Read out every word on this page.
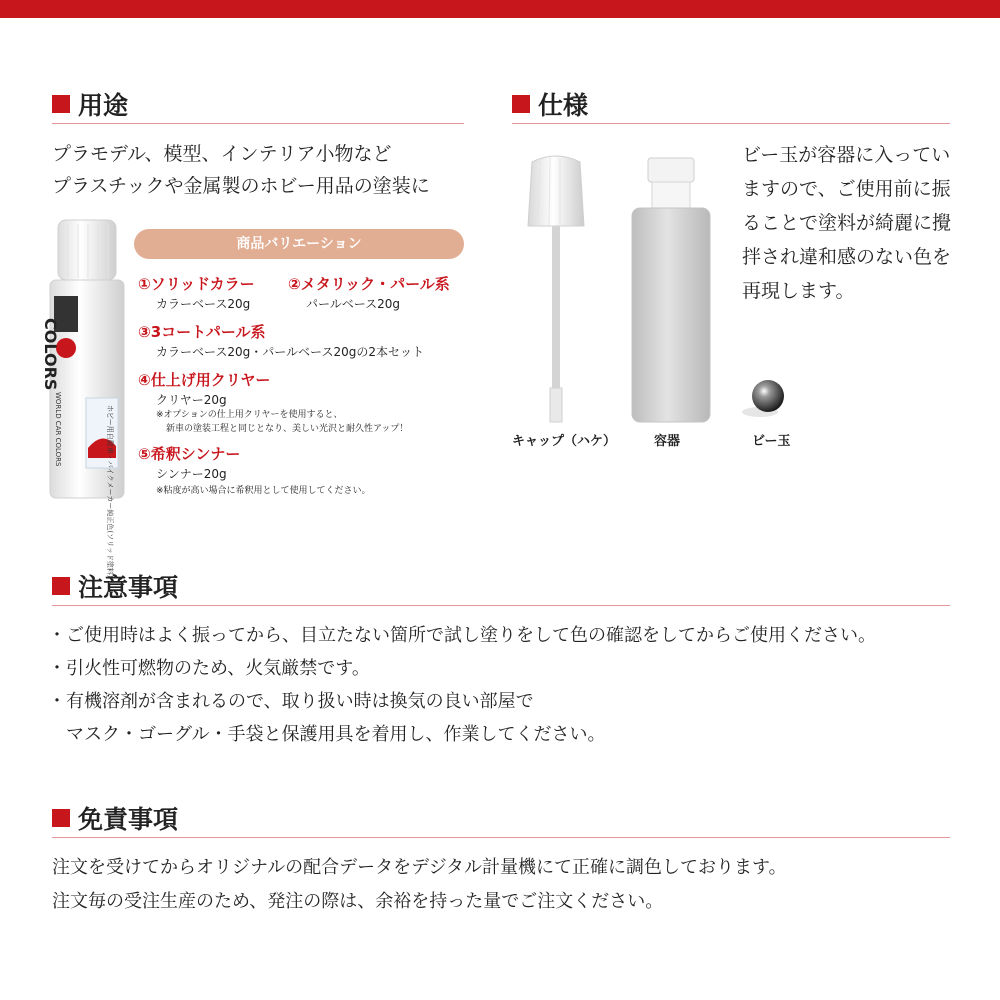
用途
プラモデル、模型、インテリア小物など
プラスチックや金属製のホビー用品の塗装に
COLORS
WORLD CAR COLORS	ホビー用自動車・バイクメーカー純正色(ソリッド塗料)
商品バリエーション
①ソリッドカラー
カラーベース20g
②メタリック・パール系
パールベース20g
③3コートパール系
カラーベース20g・パールベース20gの2本セット
④仕上げ用クリヤー
クリヤー20g
※オプションの仕上用クリヤーを使用すると、
新車の塗装工程と同じとなり、美しい光沢と耐久性アップ！
⑤希釈シンナー
シンナー20g
※粘度が高い場合に希釈用として使用してください。
仕様
キャップ（ハケ）	容器	ビー玉
ビー玉が容器に入っていますので、ご使用前に振ることで塗料が綺麗に攪拌され違和感のない色を再現します。
注意事項
・ご使用時はよく振ってから、目立たない箇所で試し塗りをして色の確認をしてからご使用ください。
・引火性可燃物のため、火気厳禁です。
・有機溶剤が含まれるので、取り扱い時は換気の良い部屋で
　マスク・ゴーグル・手袋と保護用具を着用し、作業してください。
免責事項
注文を受けてからオリジナルの配合データをデジタル計量機にて正確に調色しております。
注文毎の受注生産のため、発注の際は、余裕を持った量でご注文ください。
